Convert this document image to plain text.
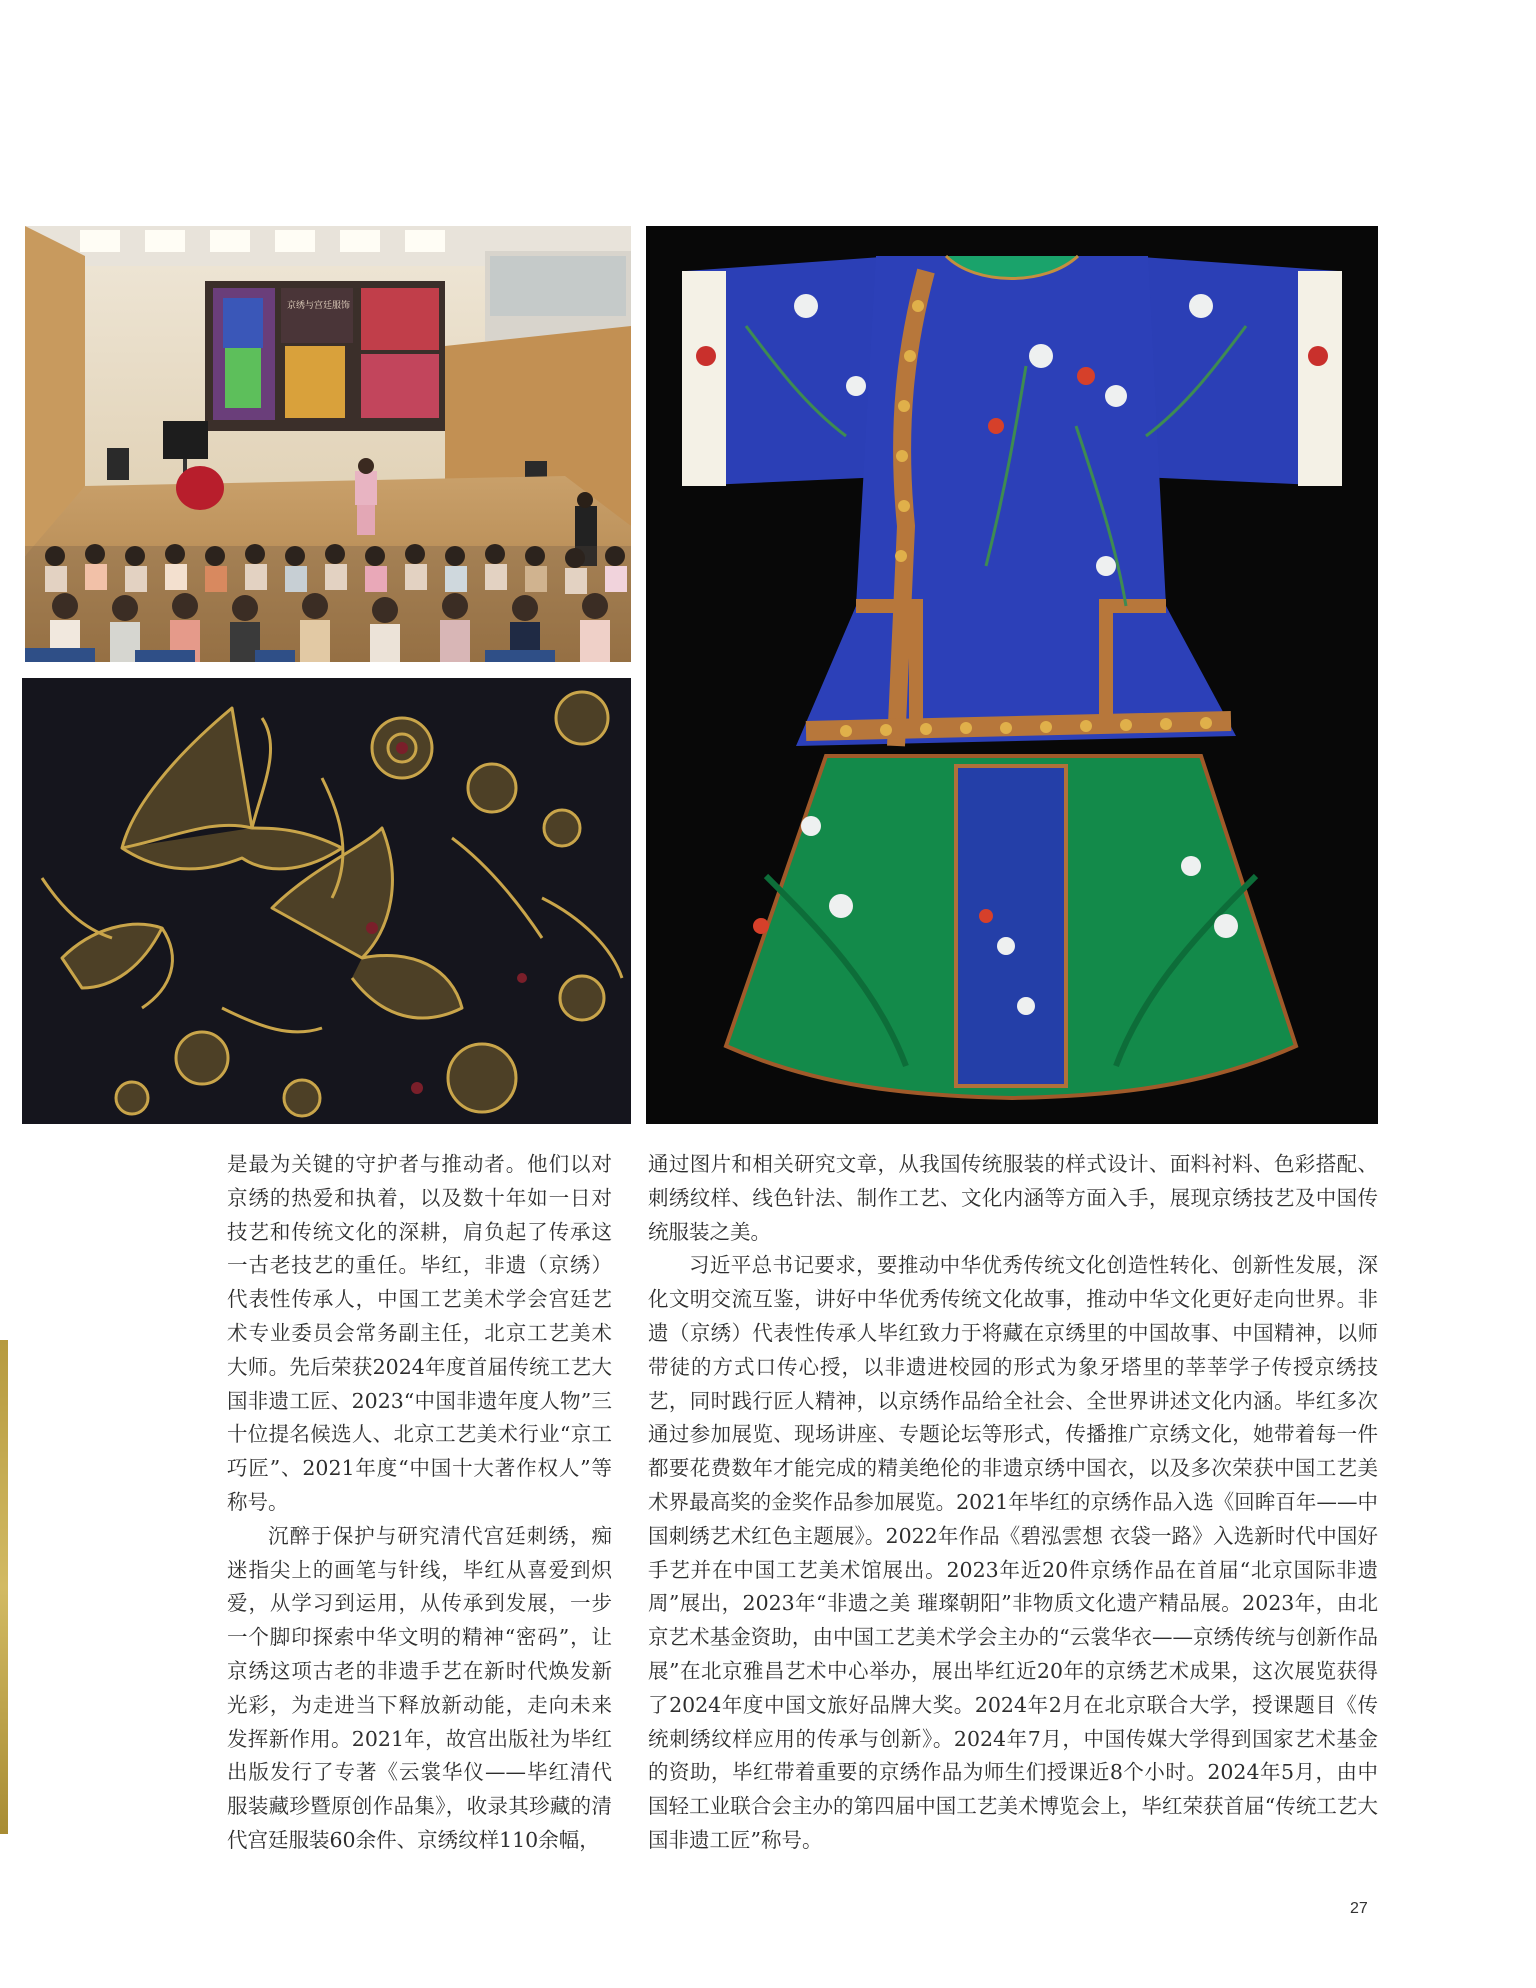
京绣与宫廷服饰

是最为关键的守护者与推动者。他们以对京绣的热爱和执着，以及数十年如一日对技艺和传统文化的深耕，肩负起了传承这一古老技艺的重任。毕红，非遗（京绣）代表性传承人，中国工艺美术学会宫廷艺术专业委员会常务副主任，北京工艺美术大师。先后荣获2024年度首届传统工艺大国非遗工匠、2023“中国非遗年度人物”三十位提名候选人、北京工艺美术行业“京工巧匠”、2021年度“中国十大著作权人”等称号。

沉醉于保护与研究清代宫廷刺绣，痴迷指尖上的画笔与针线，毕红从喜爱到炽爱，从学习到运用，从传承到发展，一步一个脚印探索中华文明的精神“密码”，让京绣这项古老的非遗手艺在新时代焕发新光彩，为走进当下释放新动能，走向未来发挥新作用。2021年，故宫出版社为毕红出版发行了专著《云裳华仪——毕红清代服装藏珍暨原创作品集》，收录其珍藏的清代宫廷服装60余件、京绣纹样110余幅，

通过图片和相关研究文章，从我国传统服装的样式设计、面料衬料、色彩搭配、刺绣纹样、线色针法、制作工艺、文化内涵等方面入手，展现京绣技艺及中国传统服装之美。

习近平总书记要求，要推动中华优秀传统文化创造性转化、创新性发展，深化文明交流互鉴，讲好中华优秀传统文化故事，推动中华文化更好走向世界。非遗（京绣）代表性传承人毕红致力于将藏在京绣里的中国故事、中国精神，以师带徒的方式口传心授，以非遗进校园的形式为象牙塔里的莘莘学子传授京绣技艺，同时践行匠人精神，以京绣作品给全社会、全世界讲述文化内涵。毕红多次通过参加展览、现场讲座、专题论坛等形式，传播推广京绣文化，她带着每一件都要花费数年才能完成的精美绝伦的非遗京绣中国衣，以及多次荣获中国工艺美术界最高奖的金奖作品参加展览。2021年毕红的京绣作品入选《回眸百年——中国刺绣艺术红色主题展》。2022年作品《碧泓雲想 衣袋一路》入选新时代中国好手艺并在中国工艺美术馆展出。2023年近20件京绣作品在首届“北京国际非遗周”展出，2023年“非遗之美 璀璨朝阳”非物质文化遗产精品展。2023年，由北京艺术基金资助，由中国工艺美术学会主办的“云裳华衣——京绣传统与创新作品展”在北京雅昌艺术中心举办，展出毕红近20年的京绣艺术成果，这次展览获得了2024年度中国文旅好品牌大奖。2024年2月在北京联合大学，授课题目《传统刺绣纹样应用的传承与创新》。2024年7月，中国传媒大学得到国家艺术基金的资助，毕红带着重要的京绣作品为师生们授课近8个小时。2024年5月，由中国轻工业联合会主办的第四届中国工艺美术博览会上，毕红荣获首届“传统工艺大国非遗工匠”称号。

27
